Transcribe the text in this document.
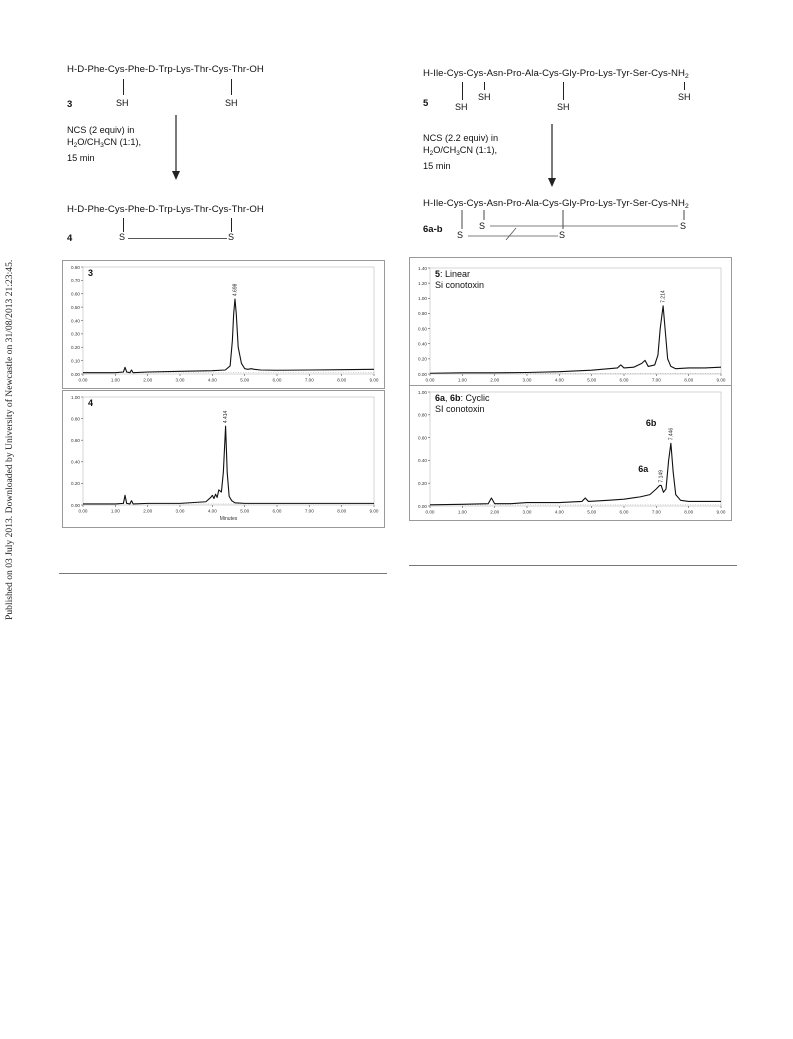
Published on 03 July 2013. Downloaded by University of Newcastle on 31/08/2013 21:23:45.
H-D-Phe-Cys-Phe-D-Trp-Lys-Thr-Cys-Thr-OH
3	SH	SH
NCS (2 equiv) in
$H_2O/CH_3CN$ (1:1),
15 min
H-D-Phe-Cys-Phe-D-Trp-Lys-Thr-Cys-Thr-OH
4	S	S
$H-Ile-Cys-Cys-Asn-Pro-Ala-Cys-Gly-Pro-Lys-Tyr-Ser-Cys-NH_2$
5	SH
SH
SH
SH
NCS (2.2 equiv) in
$H_2O/CH_3CN$ (1:1),
15 min
$H-Ile-Cys-Cys-Asn-Pro-Ala-Cys-Gly-Pro-Lys-Tyr-Ser-Cys-NH_2$
6a-b S
S
S
S
0.00
0.10
0.20
0.30
0.40
0.50
0.60
0.70
0.80
0.00	1.00	2.00	3.00	4.00	5.00	6.00	7.00	8.00	9.00
4.698
3
0.00
0.20
0.40
0.60
0.80
1.00
0.00	1.00	2.00	3.00	4.00	5.00	6.00	7.00	8.00	9.00
Minutes
4.414
4
0.00
0.20
0.40
0.60
0.80
1.00
1.20
1.40
0.00	1.00	2.00	3.00	4.00	5.00	6.00	7.00	8.00	9.00
7.214
5: Linear
Si conotoxin
0.00
0.20
0.40
0.60
0.80
1.00
0.00	1.00	2.00	3.00	4.00	5.00	6.00	7.00	8.00	9.00
7.149
7.446
6a
6b
6a, 6b: Cyclic
SI conotoxin
